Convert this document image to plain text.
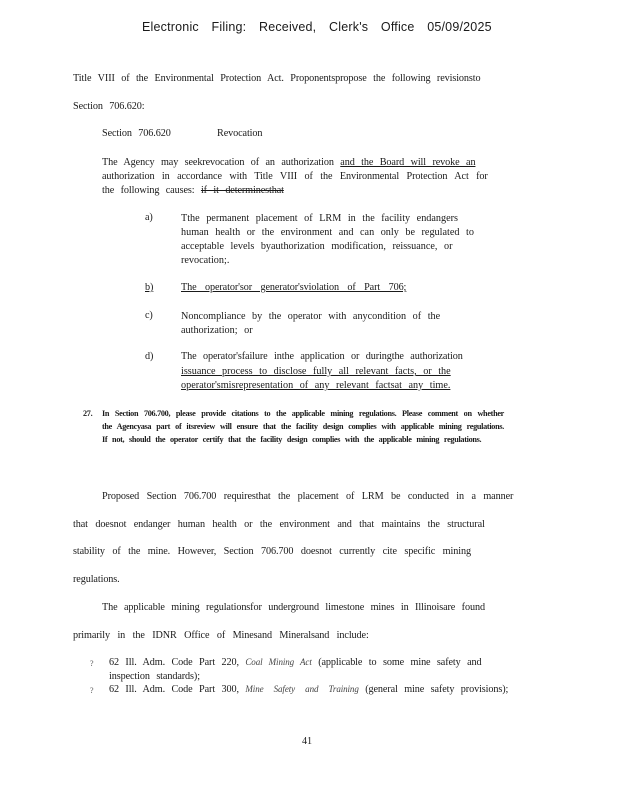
Electronic Filing: Received, Clerk's Office 05/09/2025
Title VIII of the Environmental Protection Act. Proponentspropose the following revisionsto
Section 706.620:
Section 706.620	Revocation
The Agency may seekrevocation of an authorization and the Board will revoke an
authorization in accordance with Title VIII of the Environmental Protection Act for
the following causes: if it determinesthat
a)	Tthe permanent placement of LRM in the facility endangers human health or the environment and can only be regulated to acceptable levels byauthorization modification, reissuance, or revocation;.
b)	The operator'sor generator'sviolation of Part 706;
c)	Noncompliance by the operator with anycondition of the authorization; or
d)	The operator'sfailure inthe application or duringthe authorization
issuance process to disclose fully all relevant facts, or the operator'smisrepresentation of any relevant factsat any time.
27. In Section 706.700, please provide citations to the applicable mining regulations. Please comment on whether the Agencyasa part of itsreview will ensure that the facility design complies with applicable mining regulations. If not, should the operator certify that the facility design complies with the applicable mining regulations.
Proposed Section 706.700 requiresthat the placement of LRM be conducted in a manner
that doesnot endanger human health or the environment and that maintains the structural
stability of the mine. However, Section 706.700 doesnot currently cite specific mining
regulations.
The applicable mining regulationsfor underground limestone mines in Illinoisare found
primarily in the IDNR Office of Minesand Mineralsand include:
? 62 Ill. Adm. Code Part 220, Coal Mining Act (applicable to some mine safety and
inspection standards);
? 62 Ill. Adm. Code Part 300, Mine Safety and Training (general mine safety provisions);
41
